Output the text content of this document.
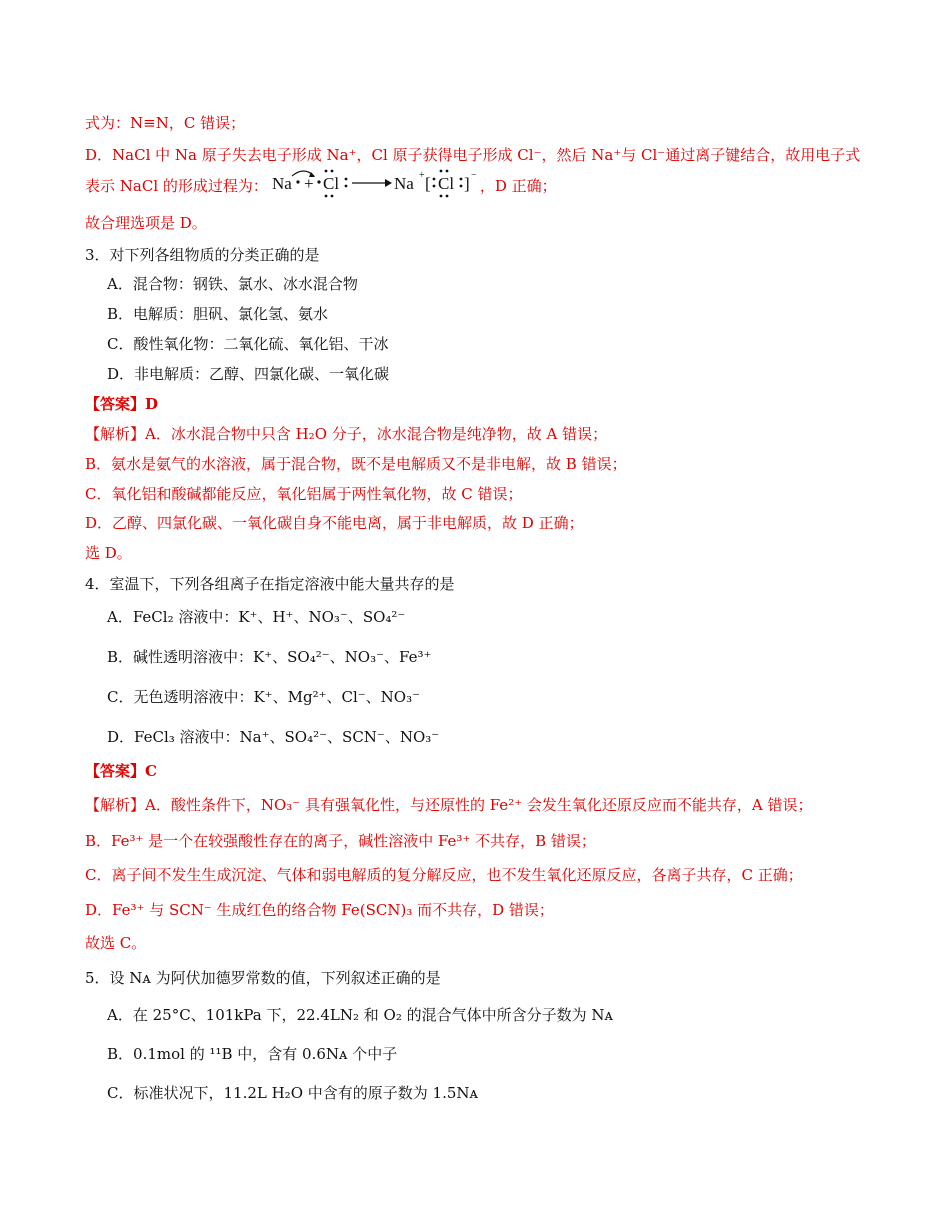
式为：N≡N，C 错误；
D．NaCl 中 Na 原子失去电子形成 Na⁺，Cl 原子获得电子形成 Cl⁻，然后 Na⁺与 Cl⁻通过离子键结合，故用电子式
表示 NaCl 的形成过程为：	，D 正确；
Na + Cl	Na + [ Cl ] −
故合理选项是 D。
3．对下列各组物质的分类正确的是
A．混合物：钢铁、氯水、冰水混合物
B．电解质：胆矾、氯化氢、氨水
C．酸性氧化物：二氧化硫、氧化铝、干冰
D．非电解质：乙醇、四氯化碳、一氧化碳
【答案】D
【解析】A．冰水混合物中只含 H₂O 分子，冰水混合物是纯净物，故 A 错误；
B．氨水是氨气的水溶液，属于混合物，既不是电解质又不是非电解，故 B 错误；
C．氧化铝和酸碱都能反应，氧化铝属于两性氧化物，故 C 错误；
D．乙醇、四氯化碳、一氧化碳自身不能电离，属于非电解质，故 D 正确；
选 D。
4．室温下，下列各组离子在指定溶液中能大量共存的是
A．FeCl₂ 溶液中：K⁺、H⁺、NO₃⁻、SO₄²⁻
B．碱性透明溶液中：K⁺、SO₄²⁻、NO₃⁻、Fe³⁺
C．无色透明溶液中：K⁺、Mg²⁺、Cl⁻、NO₃⁻
D．FeCl₃ 溶液中：Na⁺、SO₄²⁻、SCN⁻、NO₃⁻
【答案】C
【解析】A．酸性条件下，NO₃⁻ 具有强氧化性，与还原性的 Fe²⁺ 会发生氧化还原反应而不能共存，A 错误；
B．Fe³⁺ 是一个在较强酸性存在的离子，碱性溶液中 Fe³⁺ 不共存，B 错误；
C．离子间不发生生成沉淀、气体和弱电解质的复分解反应，也不发生氧化还原反应，各离子共存，C 正确；
D．Fe³⁺ 与 SCN⁻ 生成红色的络合物 Fe(SCN)₃ 而不共存，D 错误；
故选 C。
5．设 Nᴀ 为阿伏加德罗常数的值，下列叙述正确的是
A．在 25°C、101kPa 下，22.4LN₂ 和 O₂ 的混合气体中所含分子数为 Nᴀ
B．0.1mol 的 ¹¹B 中，含有 0.6Nᴀ 个中子
C．标准状况下，11.2L H₂O 中含有的原子数为 1.5Nᴀ
